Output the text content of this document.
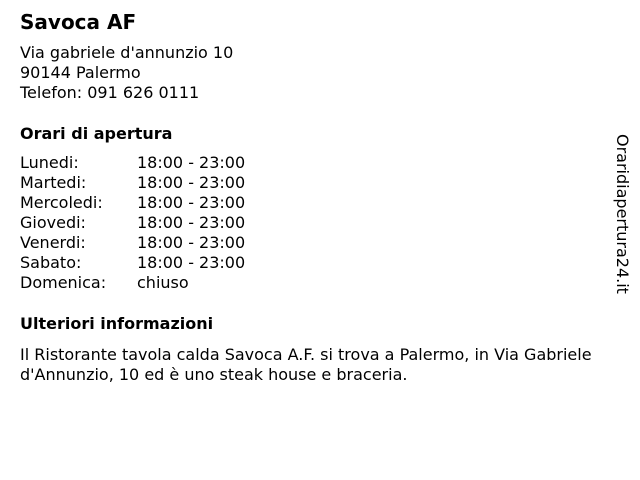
Savoca AF
Via gabriele d'annunzio 10
90144 Palermo
Telefon: 091 626 0111
Orari di apertura
Lunedi:	18:00 - 23:00
Martedi:	18:00 - 23:00
Mercoledi: 18:00 - 23:00
Giovedi:	18:00 - 23:00
Venerdi:	18:00 - 23:00
Sabato:	18:00 - 23:00
Domenica: chiuso
Ulteriori informazioni

Il Ristorante tavola calda Savoca A.F. si trova a Palermo, in Via Gabriele d'Annunzio, 10 ed è uno steak house e braceria.

Oraridiapertura24.it
